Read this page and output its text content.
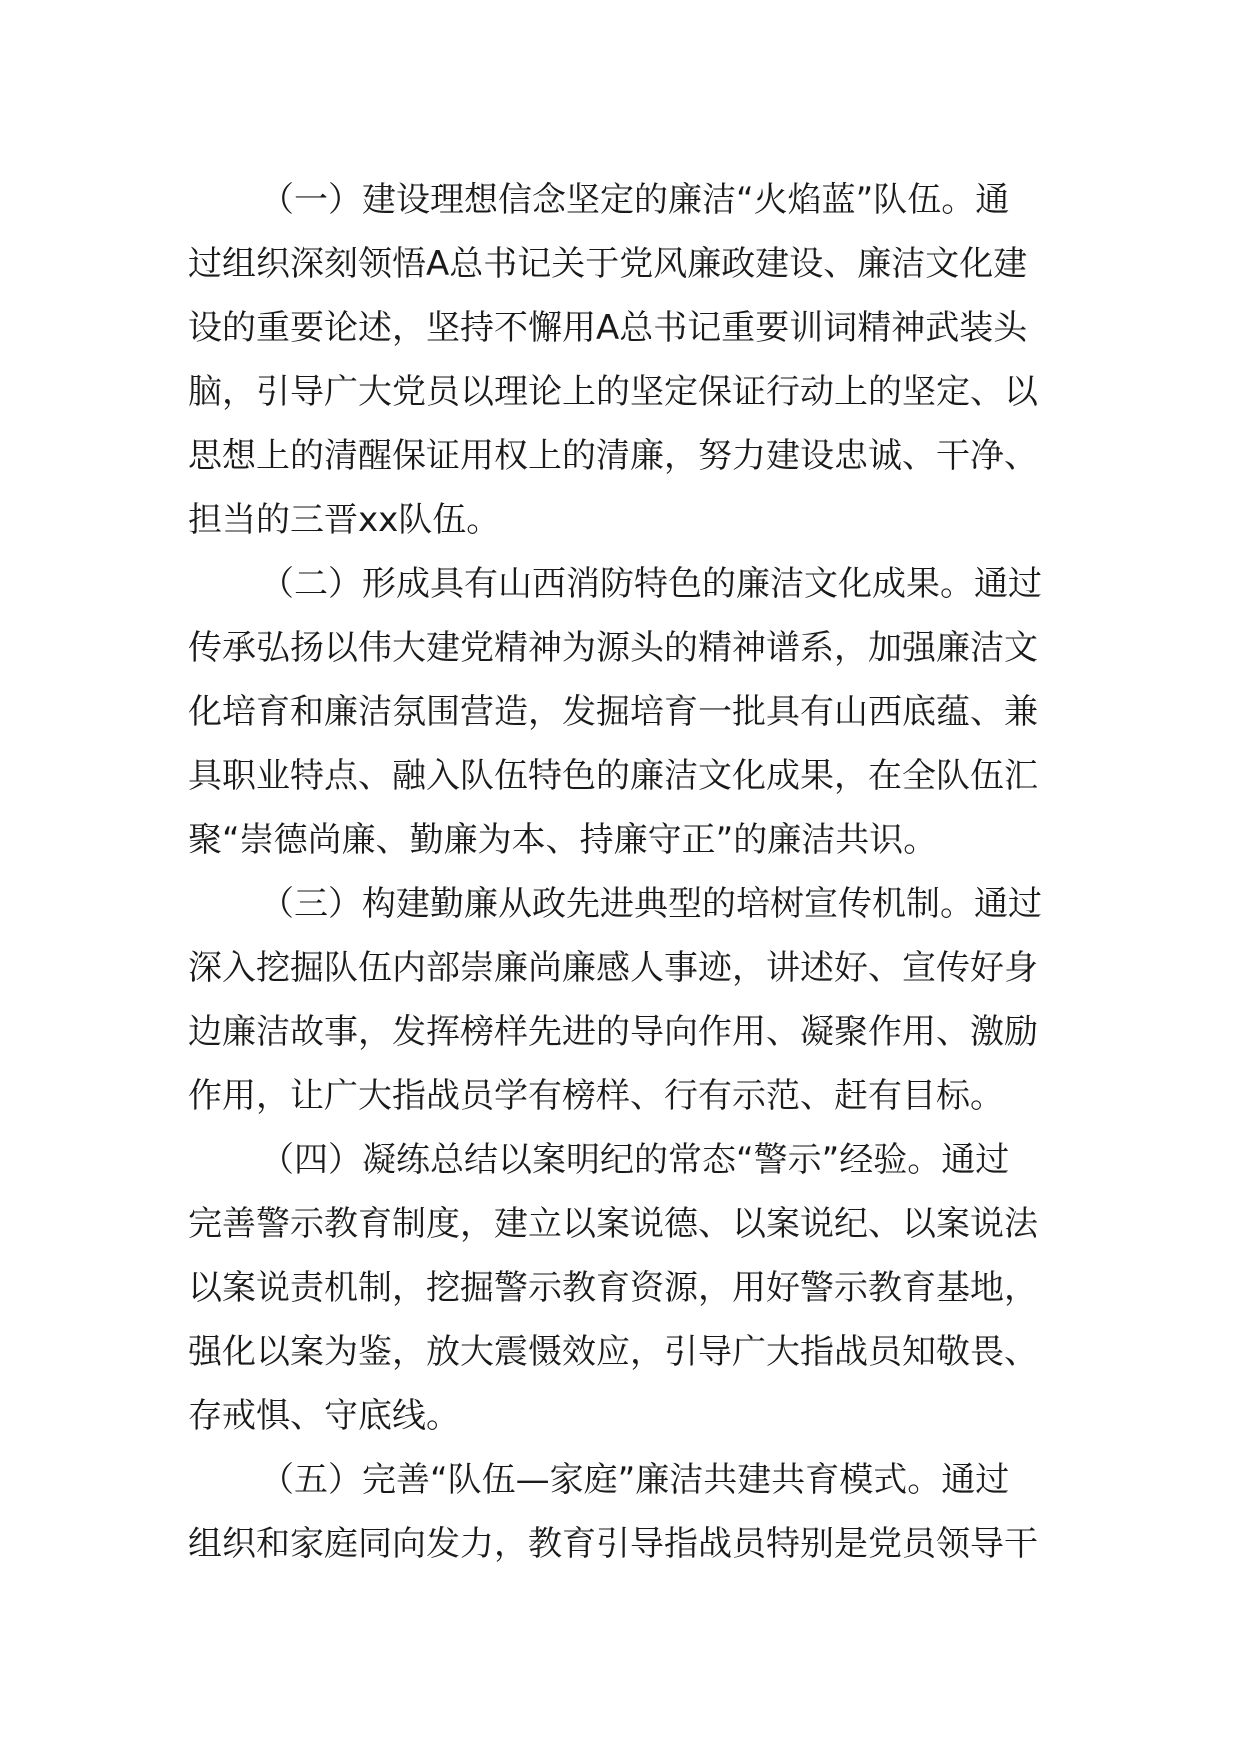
（一）建设理想信念坚定的廉洁“火焰蓝”队伍。通
过组织深刻领悟A总书记关于党风廉政建设、廉洁文化建
设的重要论述，坚持不懈用A总书记重要训词精神武装头
脑，引导广大党员以理论上的坚定保证行动上的坚定、以
思想上的清醒保证用权上的清廉，努力建设忠诚、干净、
担当的三晋xx队伍。
（二）形成具有山西消防特色的廉洁文化成果。通过
传承弘扬以伟大建党精神为源头的精神谱系，加强廉洁文
化培育和廉洁氛围营造，发掘培育一批具有山西底蕴、兼
具职业特点、融入队伍特色的廉洁文化成果，在全队伍汇
聚“崇德尚廉、勤廉为本、持廉守正”的廉洁共识。
（三）构建勤廉从政先进典型的培树宣传机制。通过
深入挖掘队伍内部崇廉尚廉感人事迹，讲述好、宣传好身
边廉洁故事，发挥榜样先进的导向作用、凝聚作用、激励
作用，让广大指战员学有榜样、行有示范、赶有目标。
（四）凝练总结以案明纪的常态“警示”经验。通过
完善警示教育制度，建立以案说德、以案说纪、以案说法
以案说责机制，挖掘警示教育资源，用好警示教育基地，
强化以案为鉴，放大震慑效应，引导广大指战员知敬畏、
存戒惧、守底线。
（五）完善“队伍—家庭”廉洁共建共育模式。通过
组织和家庭同向发力，教育引导指战员特别是党员领导干
